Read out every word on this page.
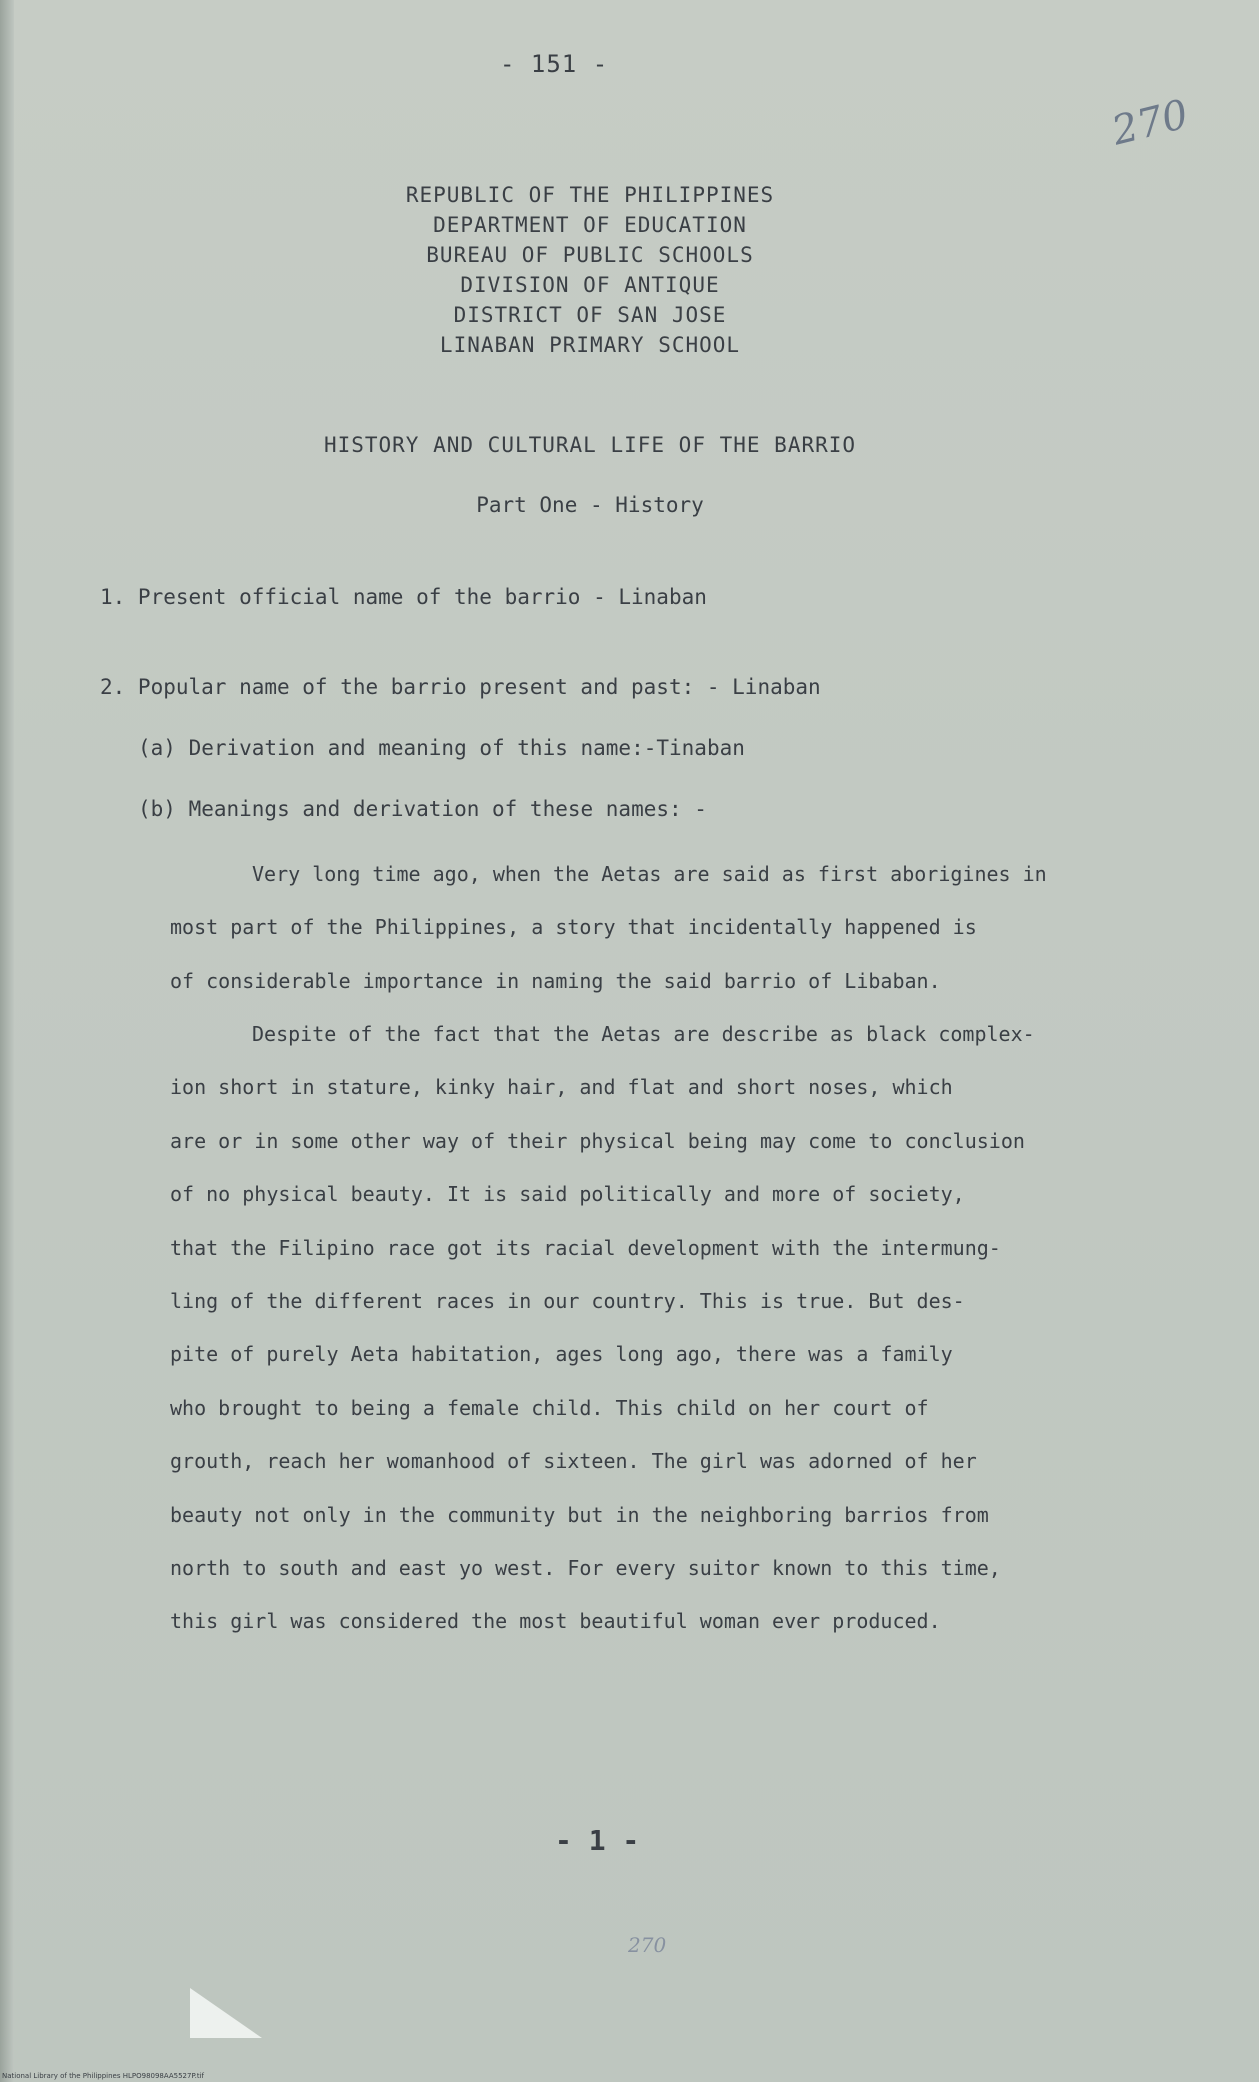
- 151 -
270
REPUBLIC OF THE PHILIPPINES
DEPARTMENT OF EDUCATION
BUREAU OF PUBLIC SCHOOLS
DIVISION OF ANTIQUE
DISTRICT OF SAN JOSE
LINABAN PRIMARY SCHOOL
HISTORY AND CULTURAL LIFE OF THE BARRIO
Part One - History
1. Present official name of the barrio - Linaban
2. Popular name of the barrio present and past: - Linaban
(a) Derivation and meaning of this name:-Tinaban
(b) Meanings and derivation of these names: -
Very long time ago, when the Aetas are said as first aborigines in
most part of the Philippines, a story that incidentally happened is
of considerable importance in naming the said barrio of Libaban.
Despite of the fact that the Aetas are describe as black complex-
ion short in stature, kinky hair, and flat and short noses, which
are or in some other way of their physical being may come to conclusion
of no physical beauty. It is said politically and more of society,
that the Filipino race got its racial development with the intermung-
ling of the different races in our country. This is true. But des-
pite of purely Aeta habitation, ages long ago, there was a family
who brought to being a female child. This child on her court of
grouth, reach her womanhood of sixteen. The girl was adorned of her
beauty not only in the community but in the neighboring barrios from
north to south and east yo west. For every suitor known to this time,
this girl was considered the most beautiful woman ever produced.
- 1 -
270
National Library of the Philippines HLPO98098AA5527P.tif
